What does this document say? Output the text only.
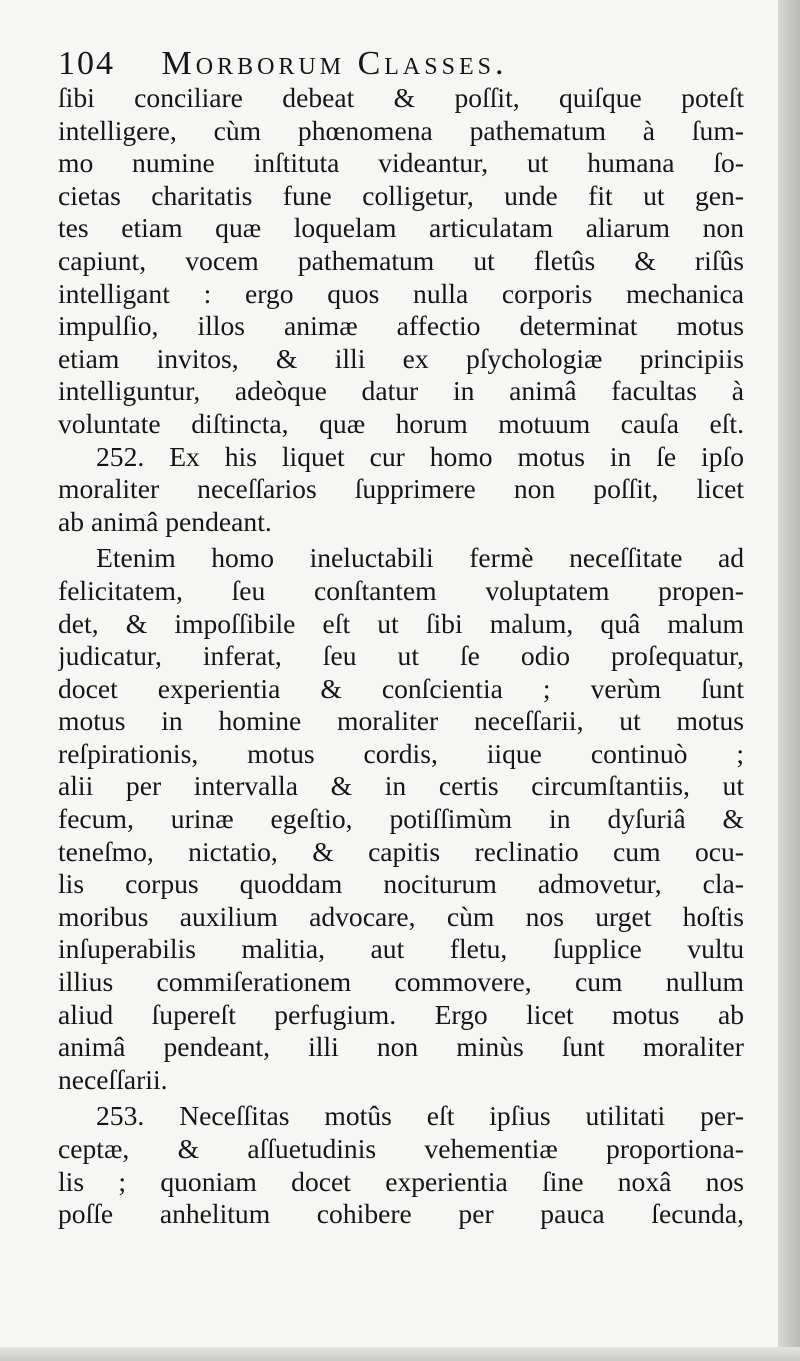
104 Morborum Classes.
ſibi conciliare debeat & poſſit, quiſque poteſt
intelligere, cùm phœnomena pathematum à ſum-
mo numine inſtituta videantur, ut humana ſo-
cietas charitatis fune colligetur, unde fit ut gen-
tes etiam quæ loquelam articulatam aliarum non
capiunt, vocem pathematum ut fletûs & riſûs
intelligant : ergo quos nulla corporis mechanica
impulſio, illos animæ affectio determinat motus
etiam invitos, & illi ex pſychologiæ principiis
intelliguntur, adeòque datur in animâ facultas à
voluntate diſtincta, quæ horum motuum cauſa eſt.
252. Ex his liquet cur homo motus in ſe ipſo
moraliter neceſſarios ſupprimere non poſſit, licet
ab animâ pendeant.
Etenim homo ineluctabili fermè neceſſitate ad
felicitatem, ſeu conſtantem voluptatem propen-
det, & impoſſibile eſt ut ſibi malum, quâ malum
judicatur, inferat, ſeu ut ſe odio proſequatur,
docet experientia & conſcientia ; verùm ſunt
motus in homine moraliter neceſſarii, ut motus
reſpirationis, motus cordis, iique continuò ;
alii per intervalla & in certis circumſtantiis, ut
fecum, urinæ egeſtio, potiſſimùm in dyſuriâ &
teneſmo, nictatio, & capitis reclinatio cum ocu-
lis corpus quoddam nociturum admovetur, cla-
moribus auxilium advocare, cùm nos urget hoſtis
inſuperabilis malitia, aut fletu, ſupplice vultu
illius commiſerationem commovere, cum nullum
aliud ſupereſt perfugium. Ergo licet motus ab
animâ pendeant, illi non minùs ſunt moraliter
neceſſarii.
253. Neceſſitas motûs eſt ipſius utilitati per-
ceptæ, & aſſuetudinis vehementiæ proportiona-
lis ; quoniam docet experientia ſine noxâ nos
poſſe anhelitum cohibere per pauca ſecunda,
